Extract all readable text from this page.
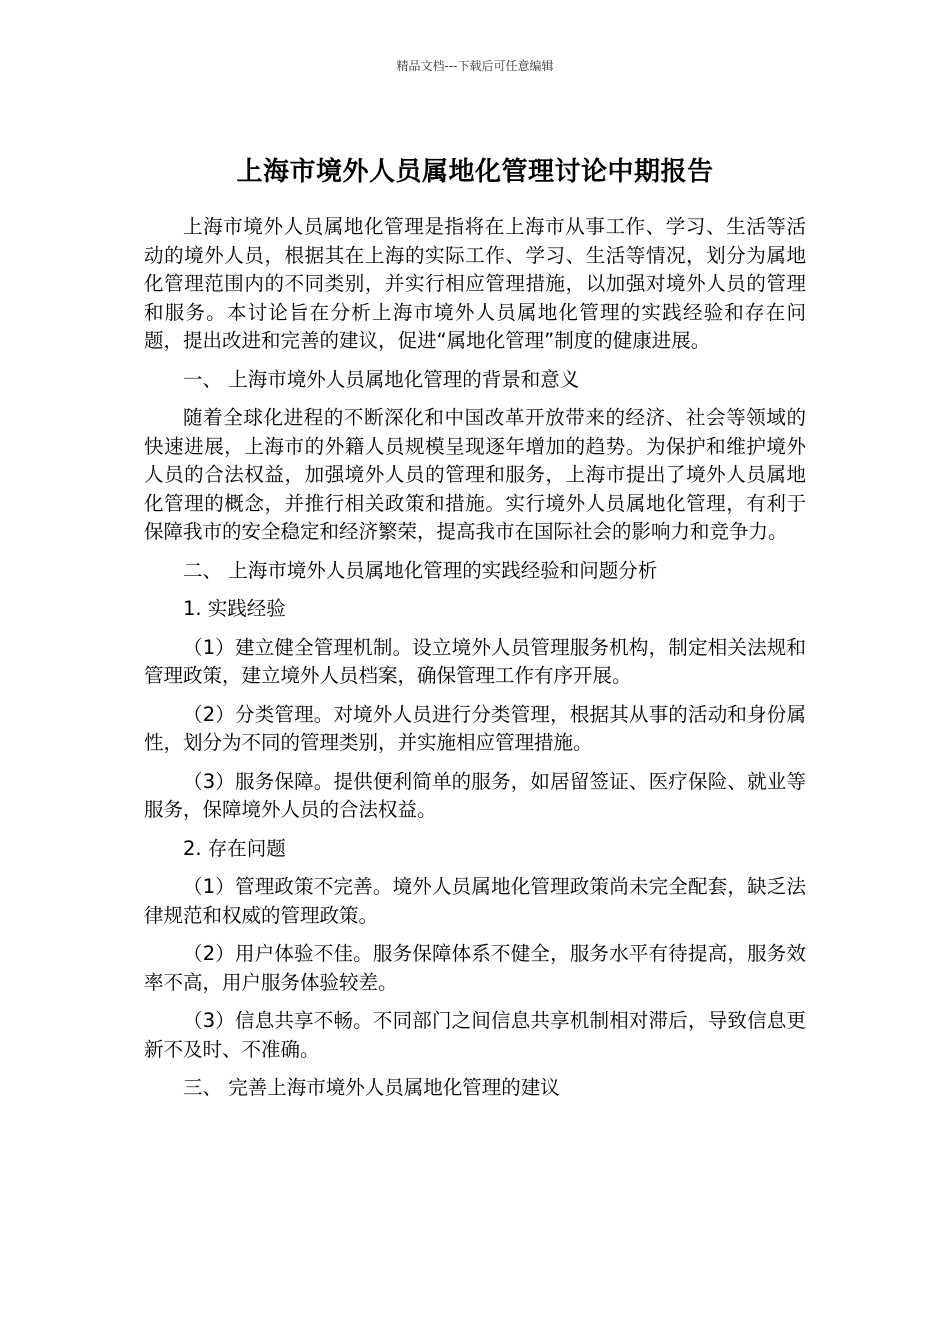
精品文档---下载后可任意编辑
上海市境外人员属地化管理讨论中期报告

上海市境外人员属地化管理是指将在上海市从事工作、学习、生活等活动的境外人员，根据其在上海的实际工作、学习、生活等情况，划分为属地化管理范围内的不同类别，并实行相应管理措施，以加强对境外人员的管理和服务。本讨论旨在分析上海市境外人员属地化管理的实践经验和存在问题，提出改进和完善的建议，促进“属地化管理”制度的健康进展。

一、 上海市境外人员属地化管理的背景和意义

随着全球化进程的不断深化和中国改革开放带来的经济、社会等领域的快速进展，上海市的外籍人员规模呈现逐年增加的趋势。为保护和维护境外人员的合法权益，加强境外人员的管理和服务，上海市提出了境外人员属地化管理的概念，并推行相关政策和措施。实行境外人员属地化管理，有利于保障我市的安全稳定和经济繁荣，提高我市在国际社会的影响力和竞争力。

二、 上海市境外人员属地化管理的实践经验和问题分析

1. 实践经验

（1）建立健全管理机制。设立境外人员管理服务机构，制定相关法规和管理政策，建立境外人员档案，确保管理工作有序开展。

（2）分类管理。对境外人员进行分类管理，根据其从事的活动和身份属性，划分为不同的管理类别，并实施相应管理措施。

（3）服务保障。提供便利简单的服务，如居留签证、医疗保险、就业等服务，保障境外人员的合法权益。

2. 存在问题

（1）管理政策不完善。境外人员属地化管理政策尚未完全配套，缺乏法律规范和权威的管理政策。

（2）用户体验不佳。服务保障体系不健全，服务水平有待提高，服务效率不高，用户服务体验较差。

（3）信息共享不畅。不同部门之间信息共享机制相对滞后，导致信息更新不及时、不准确。

三、 完善上海市境外人员属地化管理的建议
